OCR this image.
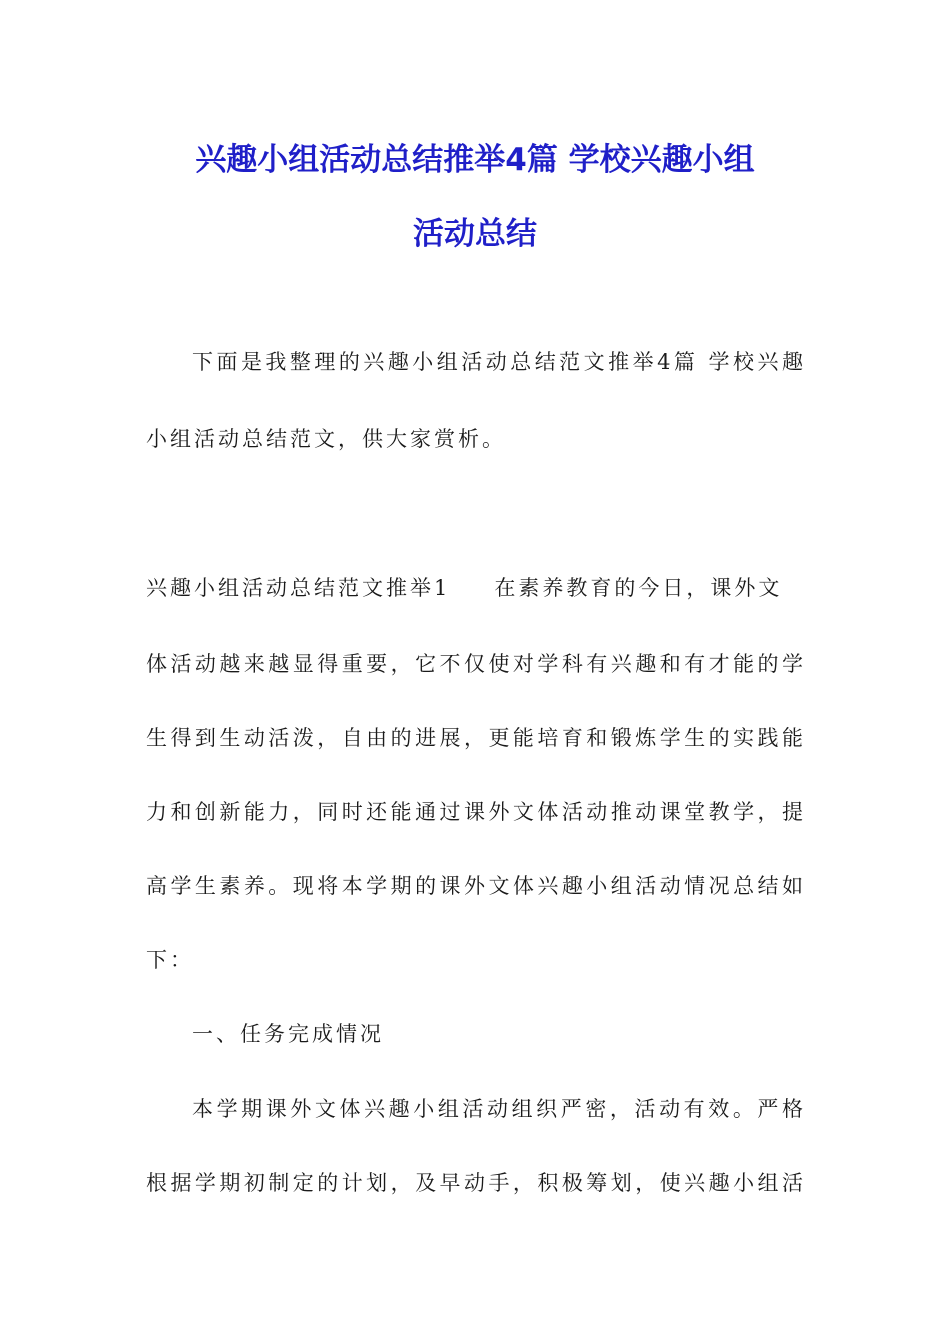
兴趣小组活动总结推举4篇 学校兴趣小组
活动总结

下面是我整理的兴趣小组活动总结范文推举4篇 学校兴趣

小组活动总结范文，供大家赏析。

兴趣小组活动总结范文推举1 在素养教育的今日，课外文

体活动越来越显得重要，它不仅使对学科有兴趣和有才能的学

生得到生动活泼，自由的进展，更能培育和锻炼学生的实践能

力和创新能力，同时还能通过课外文体活动推动课堂教学，提

高学生素养。现将本学期的课外文体兴趣小组活动情况总结如

下：

一、任务完成情况

本学期课外文体兴趣小组活动组织严密，活动有效。严格

根据学期初制定的计划，及早动手，积极筹划，使兴趣小组活
